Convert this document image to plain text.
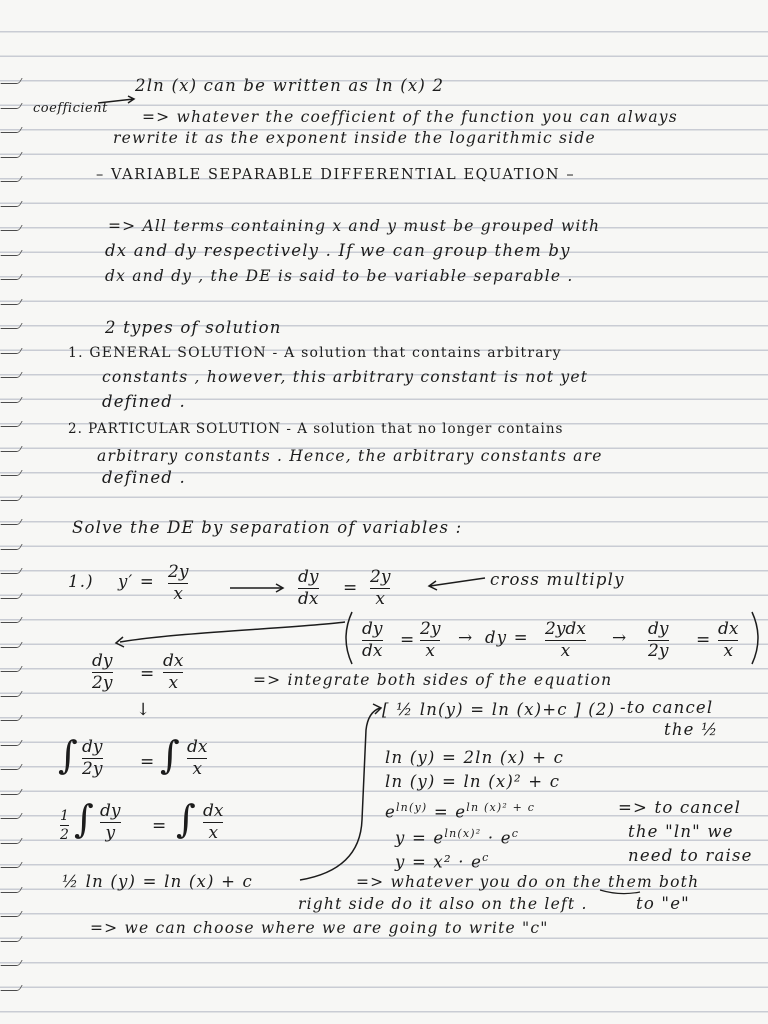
2ln (x) can be written as ln (x) 2
coefficient => whatever the coefficient of the function you can always
rewrite it as the exponent inside the logarithmic side
– VARIABLE SEPARABLE DIFFERENTIAL EQUATION –
=> All terms containing x and y must be grouped with
dx and dy respectively . If we can group them by
dx and dy , the DE is said to be variable separable .
2 types of solution
1. GENERAL SOLUTION - A solution that contains arbitrary
constants , however, this arbitrary constant is not yet
defined .
2. PARTICULAR SOLUTION - A solution that no longer contains
arbitrary constants . Hence, the arbitrary constants are
defined .
Solve the DE by separation of variables :
1.) y′ = 2y
x
dy
dx
=
2y
x
cross multiply
dy
dx
=
2y
x
→ dy = 2ydx
x
→ dy
2y
=
dx
x
dy
2y =
dx
x	=> integrate both sides of the equation
↓	[ ½ ln(y) = ln (x)+c ] (2) -to cancel
the ½
∫ dy
2y = ∫ dx
x
ln (y) = 2ln (x) + c
ln (y) = ln (x)² + c
$e^{ln(y)} = e^{ln (x)^2 + c}$	=> to cancel
$y = e^{ln(x)^2} \cdot e^c$	the "ln" we
$y = x^2 \cdot e^c$	need to raise
1
2 ∫ dy
y = ∫ dx
x
½ ln (y) = ln (x) + c	=> whatever you do on the them both
right side do it also on the left .	to "e"
=> we can choose where we are going to write "c"
